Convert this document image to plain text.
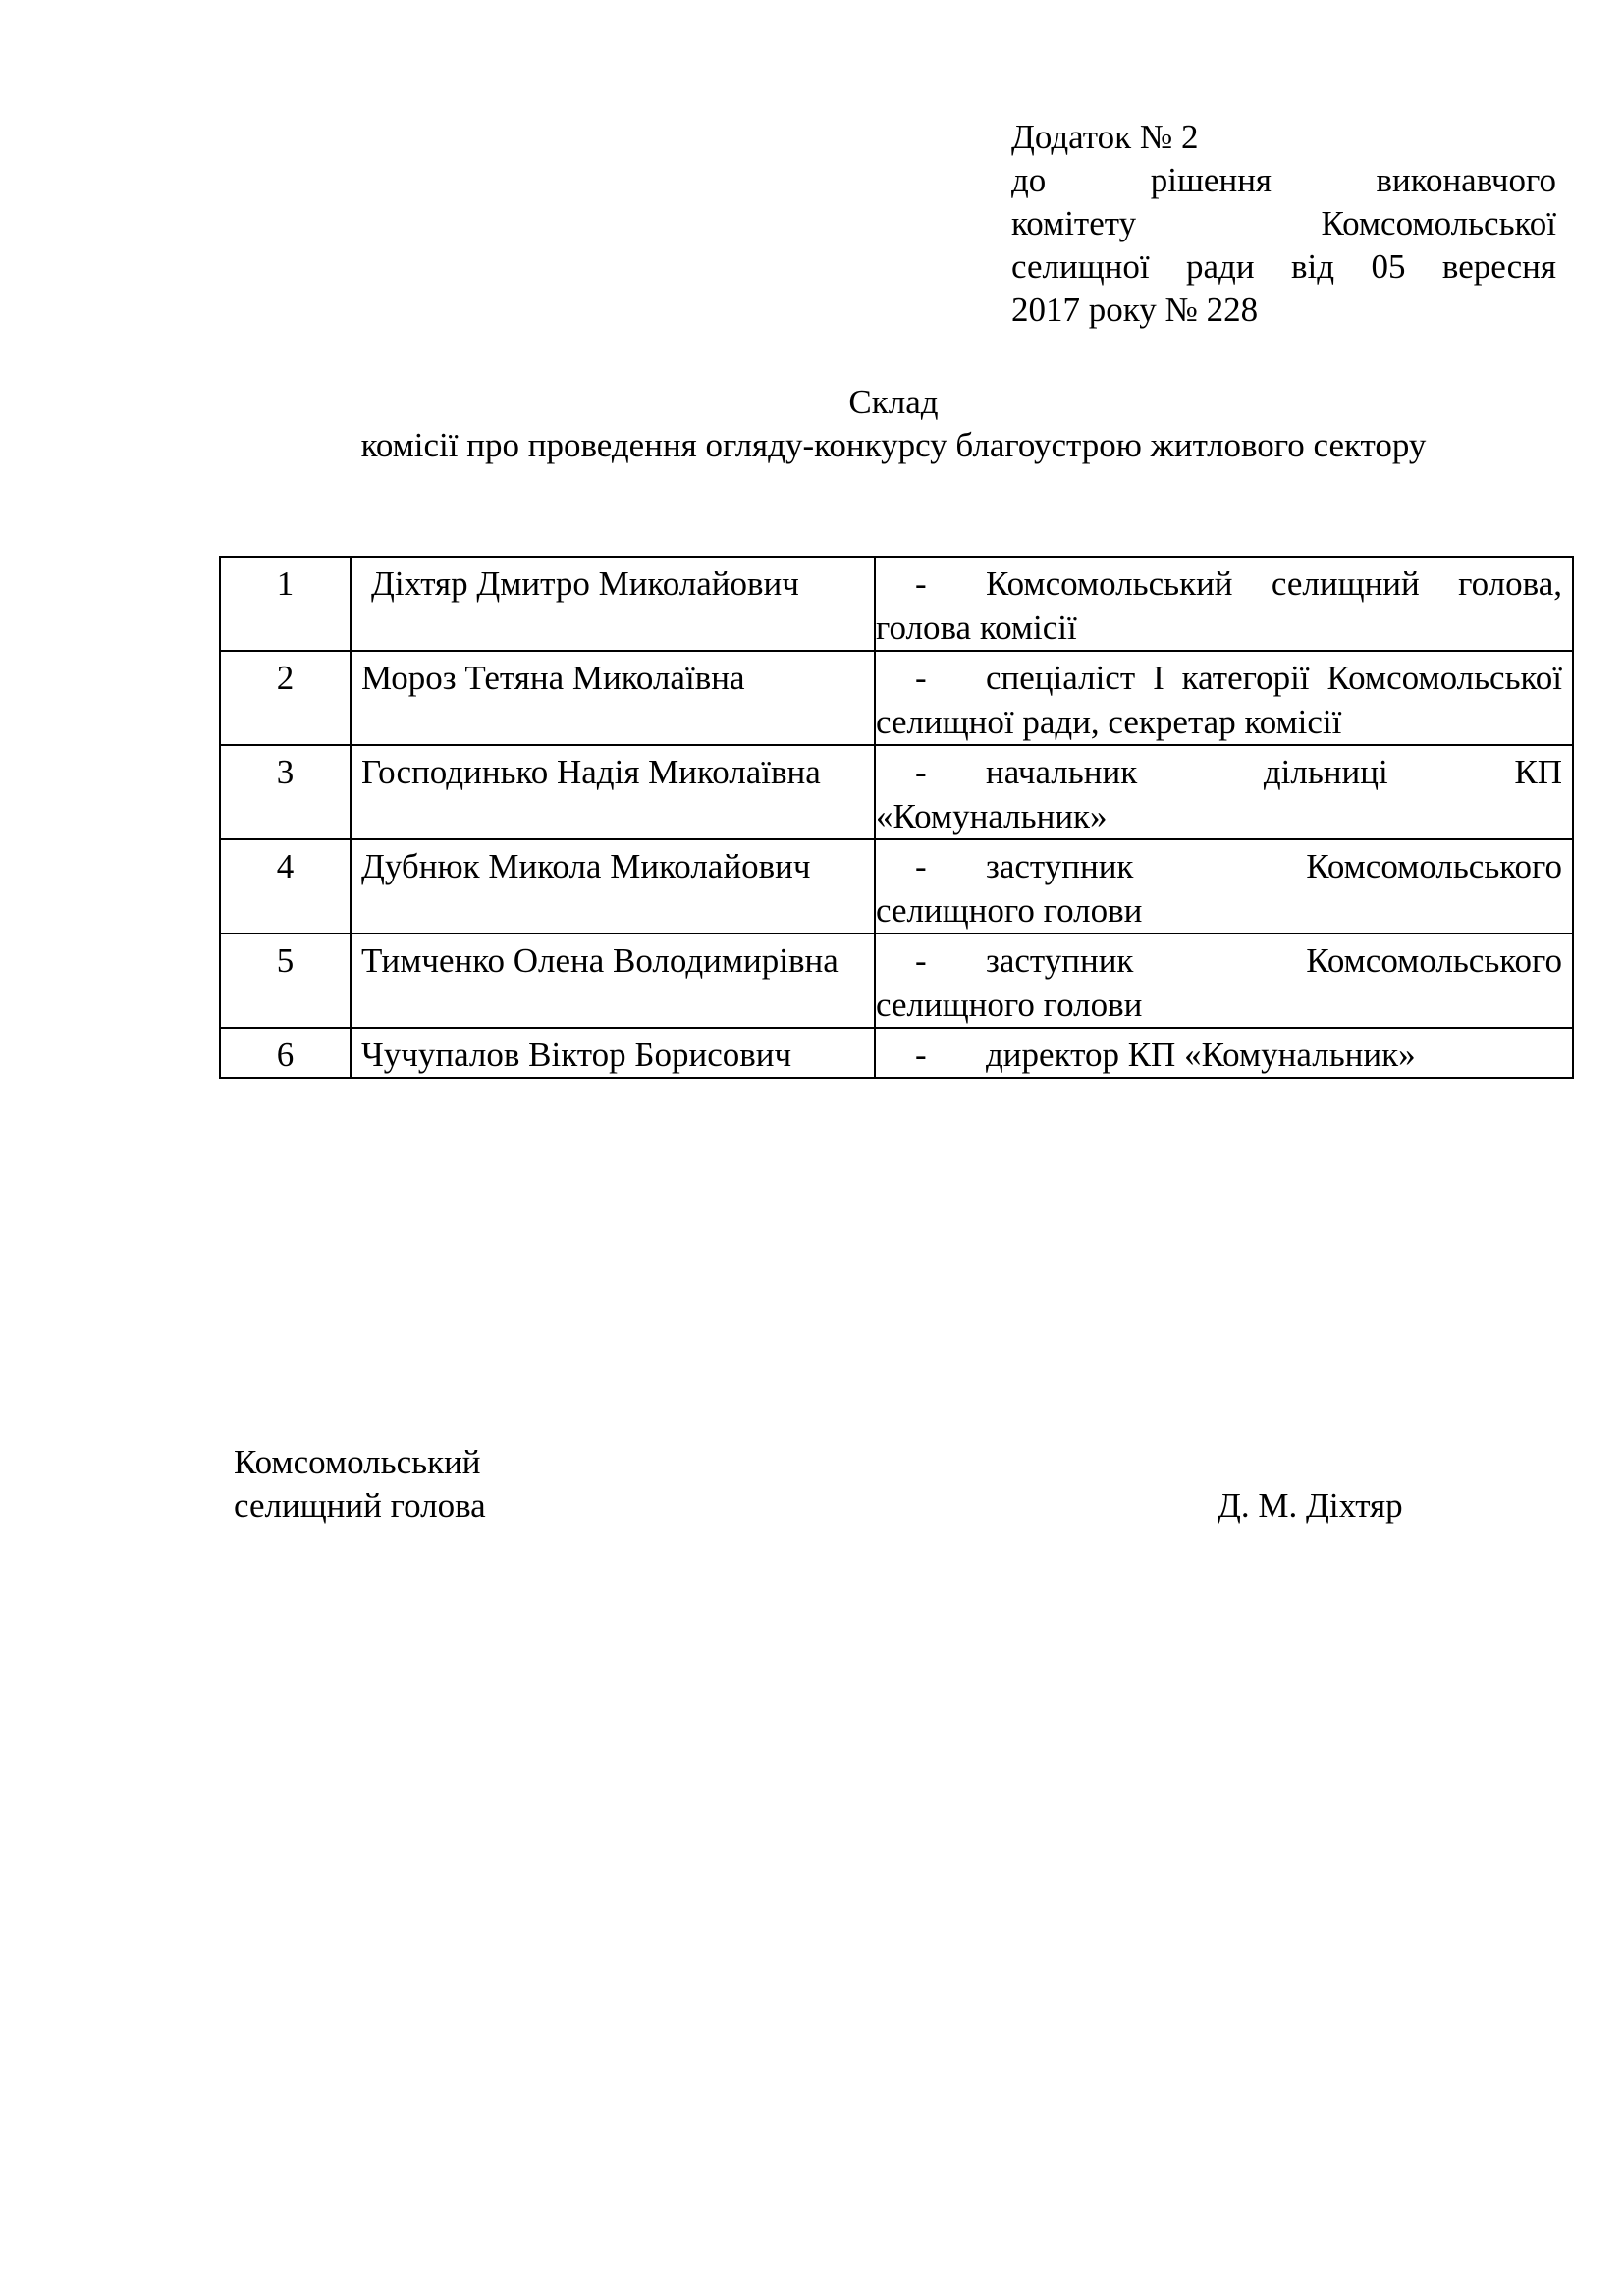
Додаток № 2
до рішення виконавчого
комітету Комсомольської
селищної ради від 05 вересня
2017 року № 228
Склад
комісії про проведення огляду-конкурсу благоустрою житлового сектору
1	Діхтяр Дмитро Миколайович	- Комсомольський селищний голова, голова комісії
2	Мороз Тетяна Миколаївна	- спеціаліст І категорії Комсомольської селищної ради, секретар комісії
3	Господинько Надія Миколаївна	- начальник дільниці КП «Комунальник»
4	Дубнюк Микола Миколайович	- заступник Комсомольського селищного голови
5	Тимченко Олена Володимирівна	- заступник Комсомольського селищного голови
6	Чучупалов Віктор Борисович	- директор КП «Комунальник»
Комсомольський
селищний голова	Д. М. Діхтяр
